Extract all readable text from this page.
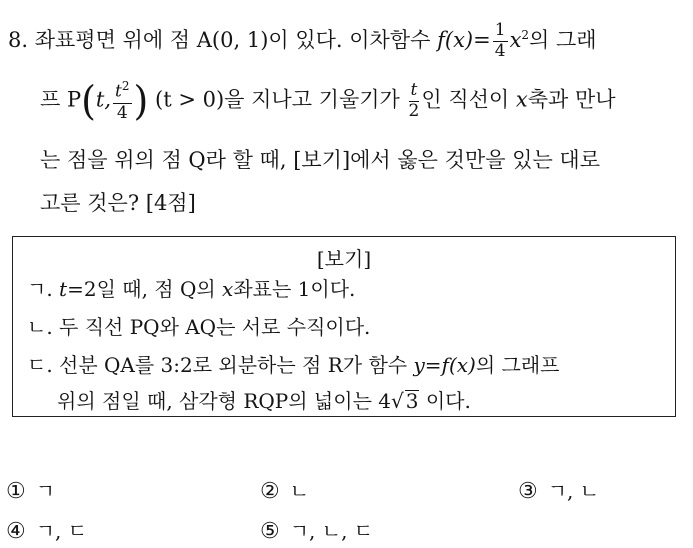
8. 좌표평면 위에 점 A(0, 1)이 있다. 이차함수 $f(x)= \frac{1}{4} x^2$의 그래
프 P(t, $\frac{t^2}{4}$ ) (t > 0)을 지나고 기울기가 $\frac{t}{2}$ 인 직선이 x축과 만나
는 점을 위의 점 Q라 할 때, [보기]에서 옳은 것만을 있는 대로
고른 것은? [4점]
[보기]
ㄱ. t=2일 때, 점 Q의 x좌표는 1이다.
ㄴ. 두 직선 PQ와 AQ는 서로 수직이다.
ㄷ. 선분 QA를 3:2로 외분하는 점 R가 함수 y=f(x)의 그래프
위의 점일 때, 삼각형 RQP의 넓이는 4√ 3 이다.
① ㄱ	② ㄴ	③ ㄱ, ㄴ
④ ㄱ, ㄷ	⑤ ㄱ, ㄴ, ㄷ
